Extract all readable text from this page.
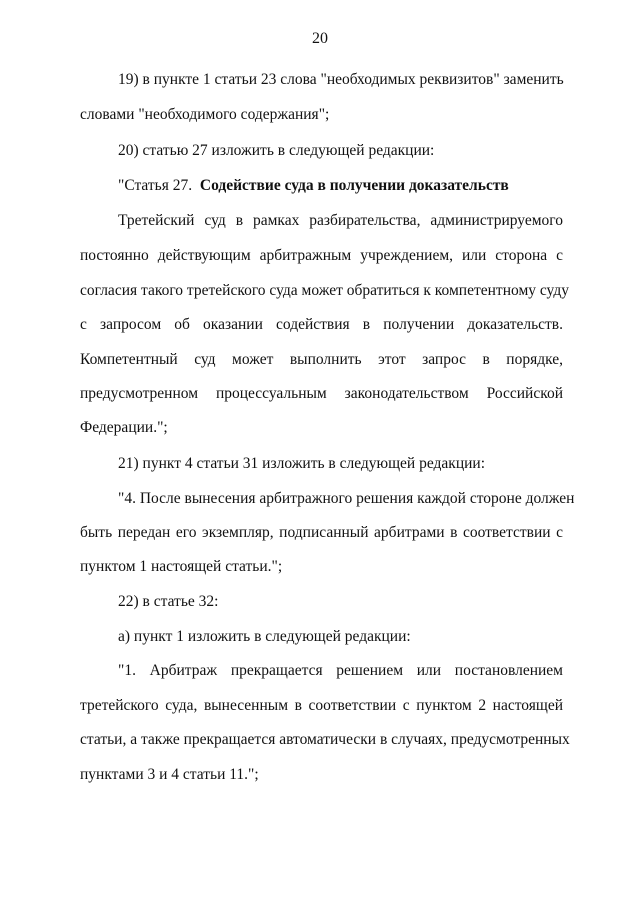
20
19) в пункте 1 статьи 23 слова "необходимых реквизитов" заменить
словами "необходимого содержания";
20) статью 27 изложить в следующей редакции:
"Статья 27. Содействие суда в получении доказательств
Третейский суд в рамках разбирательства, администрируемого
постоянно действующим арбитражным учреждением, или сторона с
согласия такого третейского суда может обратиться к компетентному суду
с запросом об оказании содействия в получении доказательств.
Компетентный суд может выполнить этот запрос в порядке,
предусмотренном процессуальным законодательством Российской
Федерации.";
21) пункт 4 статьи 31 изложить в следующей редакции:
"4. После вынесения арбитражного решения каждой стороне должен
быть передан его экземпляр, подписанный арбитрами в соответствии с
пунктом 1 настоящей статьи.";
22) в статье 32:
а) пункт 1 изложить в следующей редакции:
"1. Арбитраж прекращается решением или постановлением
третейского суда, вынесенным в соответствии с пунктом 2 настоящей
статьи, а также прекращается автоматически в случаях, предусмотренных
пунктами 3 и 4 статьи 11.";
